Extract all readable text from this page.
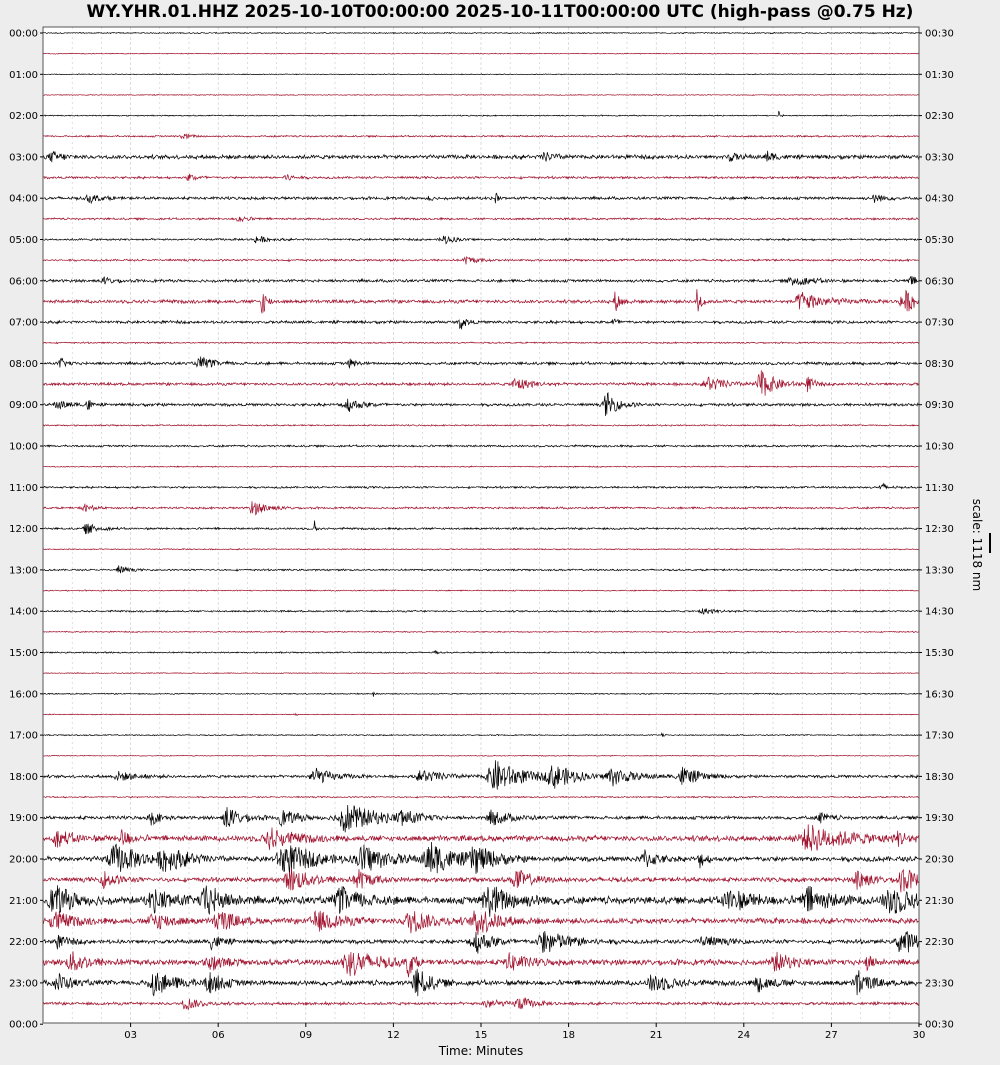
WY.YHR.01.HHZ 2025-10-10T00:00:00 2025-10-11T00:00:00 UTC (high-pass @0.75 Hz)
00:00
01:00
02:00
03:00
04:00
05:00
06:00
07:00
08:00
09:00
10:00
11:00
12:00
13:00
14:00
15:00
16:00
17:00
18:00
19:00
20:00
21:00
22:00
23:00
00:00
00:30
01:30
02:30
03:30
04:30
05:30
06:30
07:30
08:30
09:30
10:30
11:30
12:30
13:30
14:30
15:30
16:30
17:30
18:30
19:30
20:30
21:30
22:30
23:30
00:30
03	06	09	12	15	18	21	24	27	30
Time: Minutes
scale: 1118 nm
